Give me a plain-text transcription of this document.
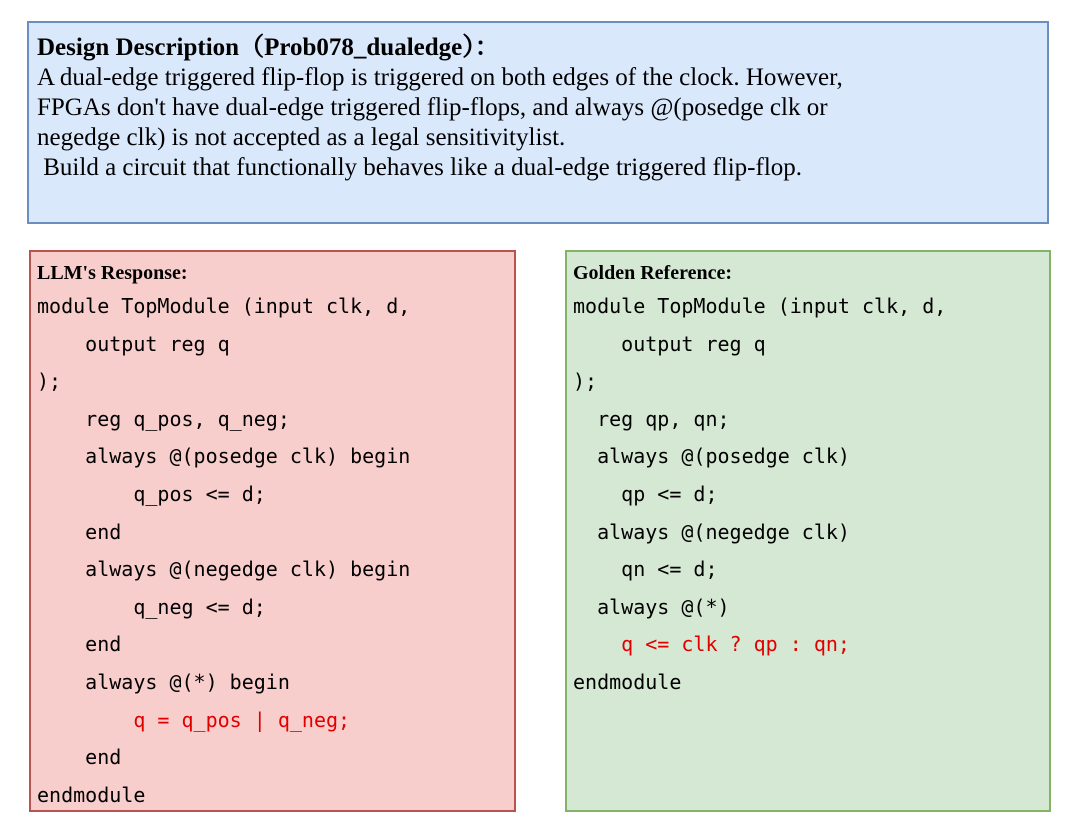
Design Description（Prob078_dualedge）：

A dual-edge triggered flip-flop is triggered on both edges of the clock. However,

FPGAs don't have dual-edge triggered flip-flops, and always @(posedge clk or

negedge clk) is not accepted as a legal sensitivitylist.

Build a circuit that functionally behaves like a dual-edge triggered flip-flop.

LLM's Response:

module TopModule (input clk, d,

output reg q

);

reg q_pos, q_neg;

always @(posedge clk) begin

q_pos <= d;

end

always @(negedge clk) begin

q_neg <= d;

end

always @(*) begin

q = q_pos | q_neg;

end

endmodule

Golden Reference:

module TopModule (input clk, d,

output reg q

);

reg qp, qn;

always @(posedge clk)

qp <= d;

always @(negedge clk)

qn <= d;

always @(*)

q <= clk ? qp : qn;

endmodule
